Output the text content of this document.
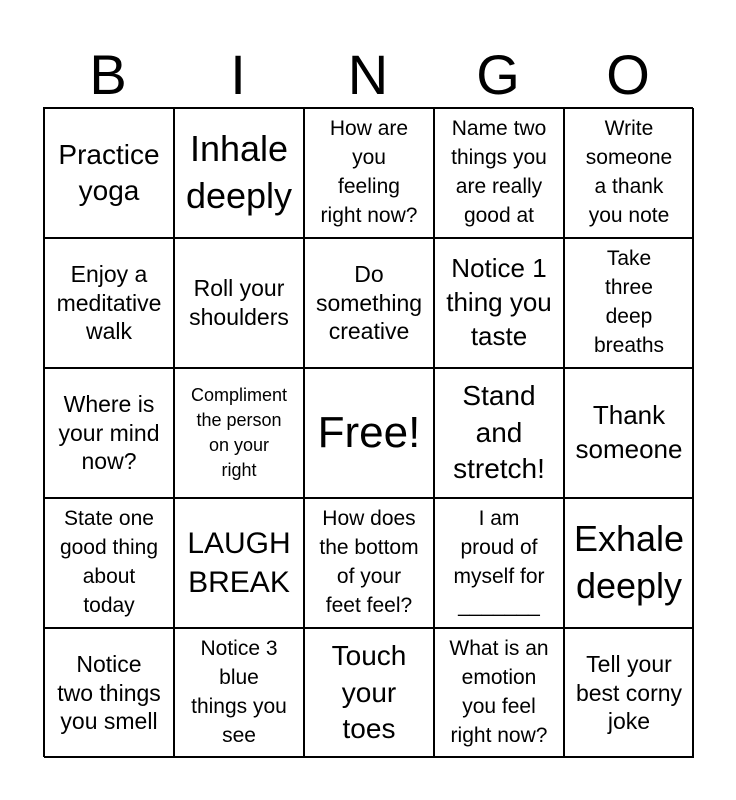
B	I	N	G	O
Practice
yoga
Inhale
deeply
How are
you
feeling
right now?
Name two
things you
are really
good at
Write
someone
a thank
you note
Enjoy a
meditative
walk
Roll your
shoulders
Do
something
creative
Notice 1
thing you
taste
Take
three
deep
breaths
Where is
your mind
now?
Compliment
the person
on your
right
Free!
Stand
and
stretch!
Thank
someone
State one
good thing
about
today
LAUGH
BREAK
How does
the bottom
of your
feet feel?
I am
proud of
myself for
_______
Exhale
deeply
Notice
two things
you smell
Notice 3
blue
things you
see
Touch
your
toes
What is an
emotion
you feel
right now?
Tell your
best corny
joke
